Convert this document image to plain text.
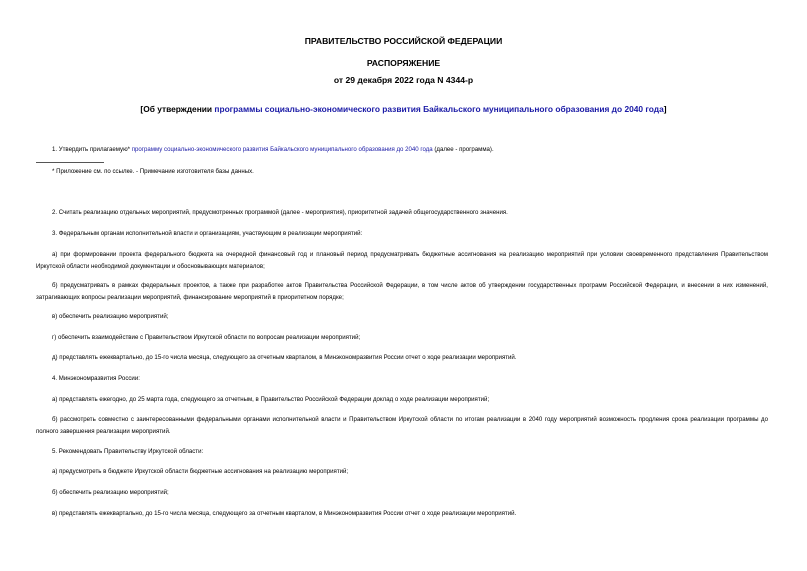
ПРАВИТЕЛЬСТВО РОССИЙСКОЙ ФЕДЕРАЦИИ
РАСПОРЯЖЕНИЕ
от 29 декабря 2022 года N 4344-р
[Об утверждении программы социально-экономического развития Байкальского муниципального образования до 2040 года]
1. Утвердить прилагаемую* программу социально-экономического развития Байкальского муниципального образования до 2040 года (далее - программа).
* Приложение см. по ссылке. - Примечание изготовителя базы данных.
2. Считать реализацию отдельных мероприятий, предусмотренных программой (далее - мероприятия), приоритетной задачей общегосударственного значения.
3. Федеральным органам исполнительной власти и организациям, участвующим в реализации мероприятий:
а) при формировании проекта федерального бюджета на очередной финансовый год и плановый период предусматривать бюджетные ассигнования на реализацию мероприятий при условии своевременного представления Правительством Иркутской области необходимой документации и обосновывающих материалов;
б) предусматривать в рамках федеральных проектов, а также при разработке актов Правительства Российской Федерации, в том числе актов об утверждении государственных программ Российской Федерации, и внесении в них изменений, затрагивающих вопросы реализации мероприятий, финансирование мероприятий в приоритетном порядке;
в) обеспечить реализацию мероприятий;
г) обеспечить взаимодействие с Правительством Иркутской области по вопросам реализации мероприятий;
д) представлять ежеквартально, до 15-го числа месяца, следующего за отчетным кварталом, в Минэкономразвития России отчет о ходе реализации мероприятий.
4. Минэкономразвития России:
а) представлять ежегодно, до 25 марта года, следующего за отчетным, в Правительство Российской Федерации доклад о ходе реализации мероприятий;
б) рассмотреть совместно с заинтересованными федеральными органами исполнительной власти и Правительством Иркутской области по итогам реализации в 2040 году мероприятий возможность продления срока реализации программы до полного завершения реализации мероприятий.
5. Рекомендовать Правительству Иркутской области:
а) предусмотреть в бюджете Иркутской области бюджетные ассигнования на реализацию мероприятий;
б) обеспечить реализацию мероприятий;
в) представлять ежеквартально, до 15-го числа месяца, следующего за отчетным кварталом, в Минэкономразвития России отчет о ходе реализации мероприятий.
